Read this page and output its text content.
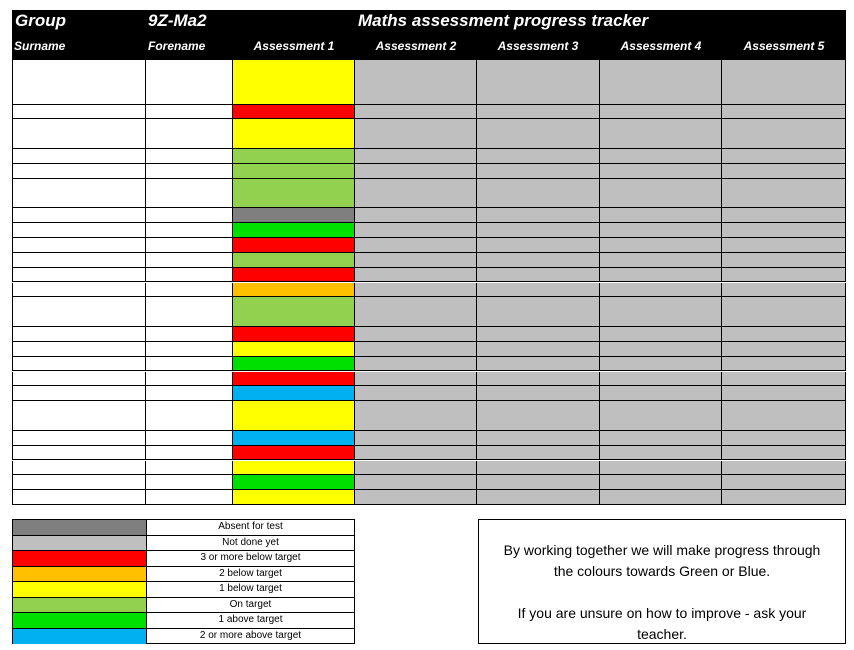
Group	9Z-Ma2	Maths assessment progress tracker
Surname	Forename	Assessment 1	Assessment 2	Assessment 3	Assessment 4	Assessment 5
Absent for test
Not done yet
3 or more below target
2 below target
1 below target
On target
1 above target
2 or more above target

By working together we will make progress through

the colours towards Green or Blue.

If you are unsure on how to improve - ask your

teacher.
